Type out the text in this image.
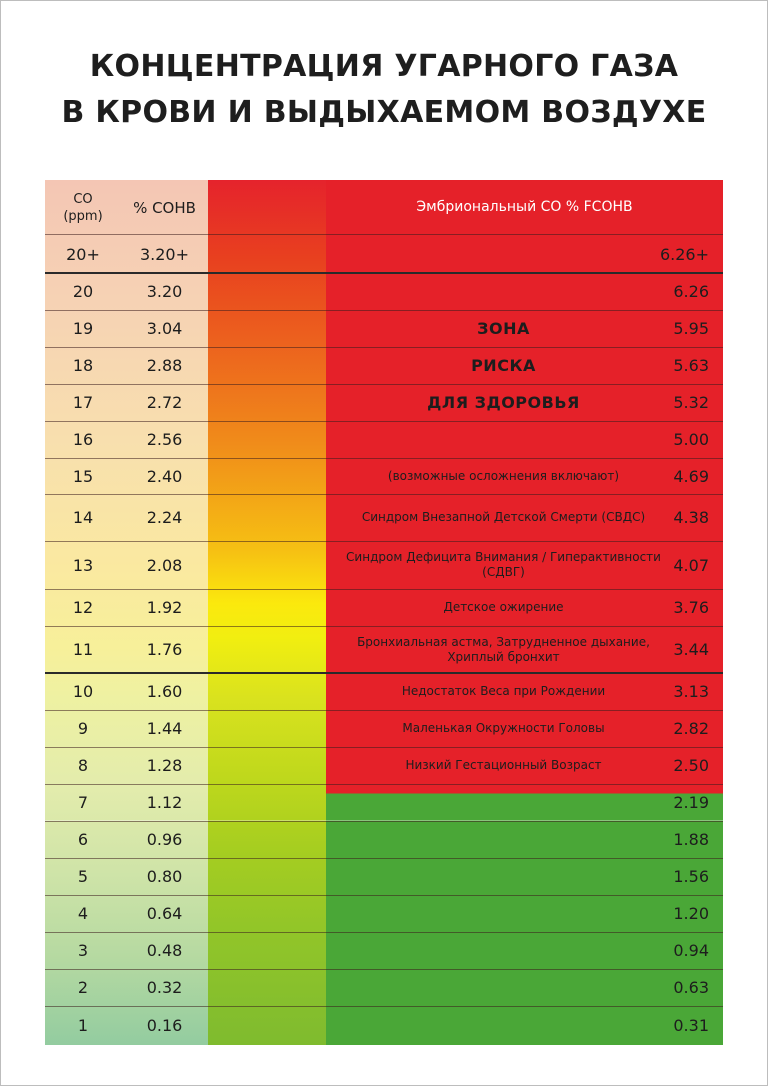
КОНЦЕНТРАЦИЯ УГАРНОГО ГАЗА
В КРОВИ И ВЫДЫХАЕМОМ ВОЗДУХЕ
CO
(ppm)	% COHB	Эмбриональный CO % FCOHB
20+	3.20+	6.26+
20	3.20	6.26
19	3.04	ЗОНА	5.95
18	2.88	РИСКА	5.63
17	2.72	ДЛЯ ЗДОРОВЬЯ	5.32
16	2.56	5.00
15	2.40	(возможные осложнения включают)	4.69
14	2.24	Синдром Внезапной Детской Смерти (СВДС)	4.38
13	2.08	Синдром Дефицита Внимания / Гиперактивности (СДВГ)	4.07
12	1.92	Детское ожирение	3.76
11	1.76	Бронхиальная астма, Затрудненное дыхание, Хриплый бронхит	3.44
10	1.60	Недостаток Веса при Рождении	3.13
9	1.44	Маленькая Окружности Головы	2.82
8	1.28	Низкий Гестационный Возраст	2.50
7	1.12	2.19
6	0.96	1.88
5	0.80	1.56
4	0.64	1.20
3	0.48	0.94
2	0.32	0.63
1	0.16	0.31
